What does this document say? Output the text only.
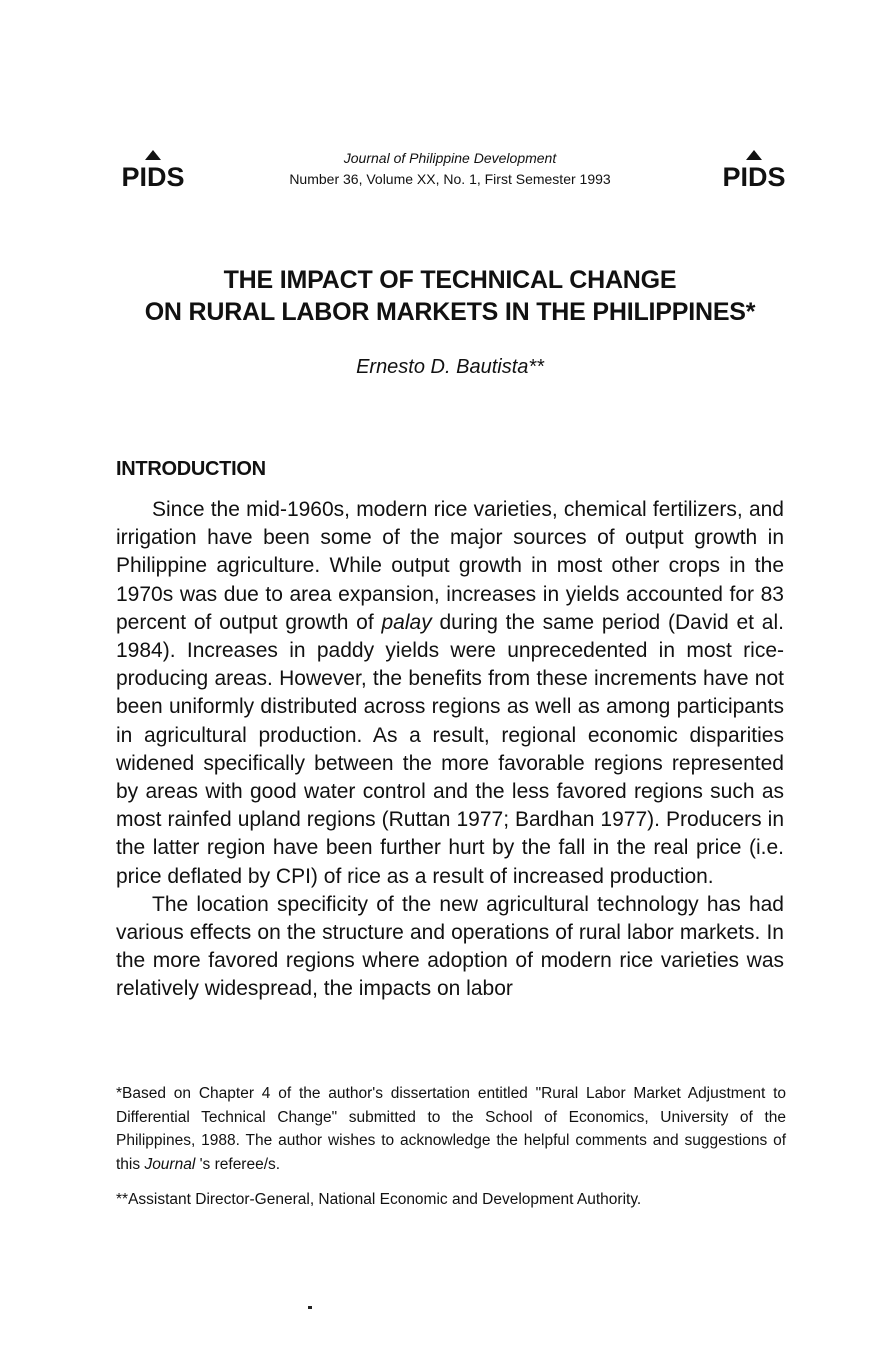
PIDS
Journal of Philippine Development
Number 36, Volume XX, No. 1, First Semester 1993	PIDS
THE IMPACT OF TECHNICAL CHANGE
ON RURAL LABOR MARKETS IN THE PHILIPPINES*
Ernesto D. Bautista**
INTRODUCTION

Since the mid-1960s, modern rice varieties, chemical fertilizers, and irrigation have been some of the major sources of output growth in Philippine agriculture. While output growth in most other crops in the 1970s was due to area expansion, increases in yields accounted for 83 percent of output growth of palay during the same period (David et al. 1984). Increases in paddy yields were unprecedented in most rice-producing areas. However, the benefits from these increments have not been uniformly distributed across regions as well as among participants in agricultural production. As a result, regional economic disparities widened specifically between the more favorable regions represented by areas with good water control and the less favored regions such as most rainfed upland regions (Ruttan 1977; Bardhan 1977). Producers in the latter region have been further hurt by the fall in the real price (i.e. price deflated by CPI) of rice as a result of increased production.

The location specificity of the new agricultural technology has had various effects on the structure and operations of rural labor markets. In the more favored regions where adoption of modern rice varieties was relatively widespread, the impacts on labor

*Based on Chapter 4 of the author's dissertation entitled "Rural Labor Market Adjustment to Differential Technical Change" submitted to the School of Economics, University of the Philippines, 1988. The author wishes to acknowledge the helpful comments and suggestions of this Journal 's referee/s.

**Assistant Director-General, National Economic and Development Authority.
